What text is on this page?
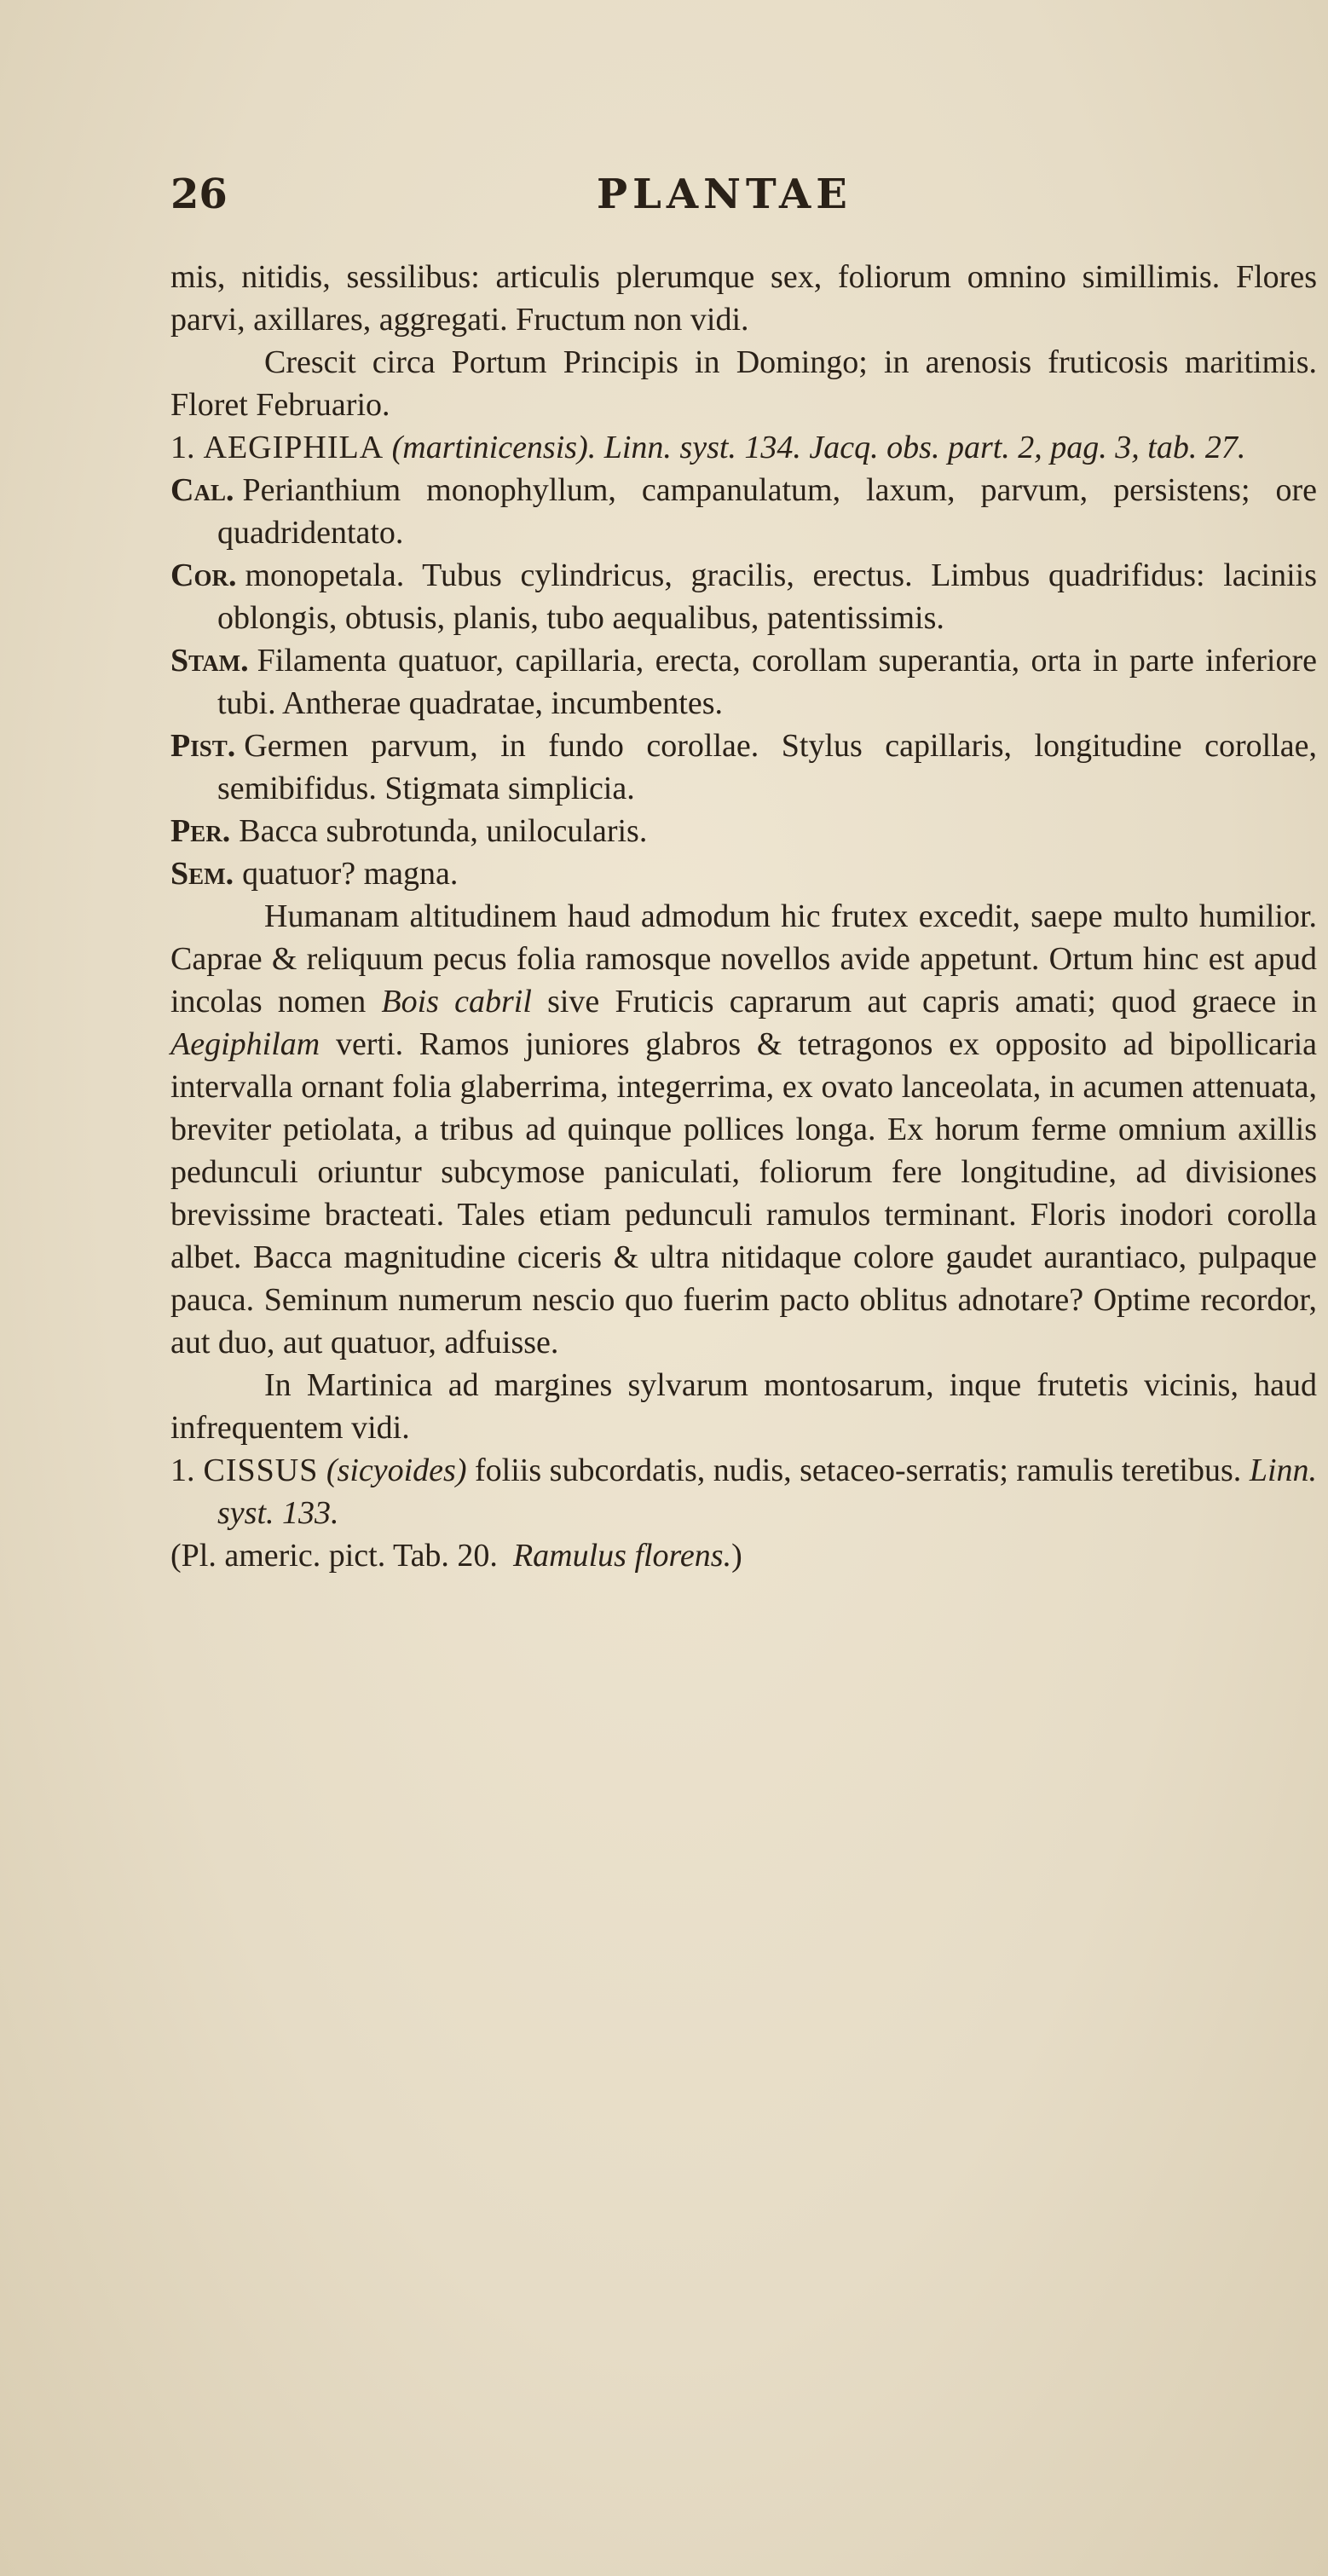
26	PLANTAE

mis, nitidis, sessilibus: articulis plerumque sex, foliorum omnino simillimis. Flores parvi, axillares, aggregati. Fructum non vidi.

Crescit circa Portum Principis in Domingo; in arenosis fruticosis maritimis. Floret Februario.

1. AEGIPHILA (martinicensis). Linn. syst. 134. Jacq. obs. part. 2, pag. 3, tab. 27.

Cal. Perianthium monophyllum, campanulatum, laxum, parvum, persistens; ore quadridentato.

Cor. monopetala. Tubus cylindricus, gracilis, erectus. Limbus quadrifidus: laciniis oblongis, obtusis, planis, tubo aequalibus, patentissimis.

Stam. Filamenta quatuor, capillaria, erecta, corollam superantia, orta in parte inferiore tubi. Antherae quadratae, incumbentes.

Pist. Germen parvum, in fundo corollae. Stylus capillaris, longitudine corollae, semibifidus. Stigmata simplicia.

Per. Bacca subrotunda, unilocularis.

Sem. quatuor? magna.

Humanam altitudinem haud admodum hic frutex excedit, saepe multo humilior. Caprae & reliquum pecus folia ramosque novellos avide appetunt. Ortum hinc est apud incolas nomen Bois cabril sive Fruticis caprarum aut capris amati; quod graece in Aegiphilam verti. Ramos juniores glabros & tetragonos ex opposito ad bipollicaria intervalla ornant folia glaberrima, integerrima, ex ovato lanceolata, in acumen attenuata, breviter petiolata, a tribus ad quinque pollices longa. Ex horum ferme omnium axillis pedunculi oriuntur subcymose paniculati, foliorum fere longitudine, ad divisiones brevissime bracteati. Tales etiam pedunculi ramulos terminant. Floris inodori corolla albet. Bacca magnitudine ciceris & ultra nitidaque colore gaudet aurantiaco, pulpaque pauca. Seminum numerum nescio quo fuerim pacto oblitus adnotare? Optime recordor, aut duo, aut quatuor, adfuisse.

In Martinica ad margines sylvarum montosarum, inque frutetis vicinis, haud infrequentem vidi.

1. CISSUS (sicyoides) foliis subcordatis, nudis, setaceo-serratis; ramulis teretibus. Linn. syst. 133.

(Pl. americ. pict. Tab. 20. Ramulus florens.)
